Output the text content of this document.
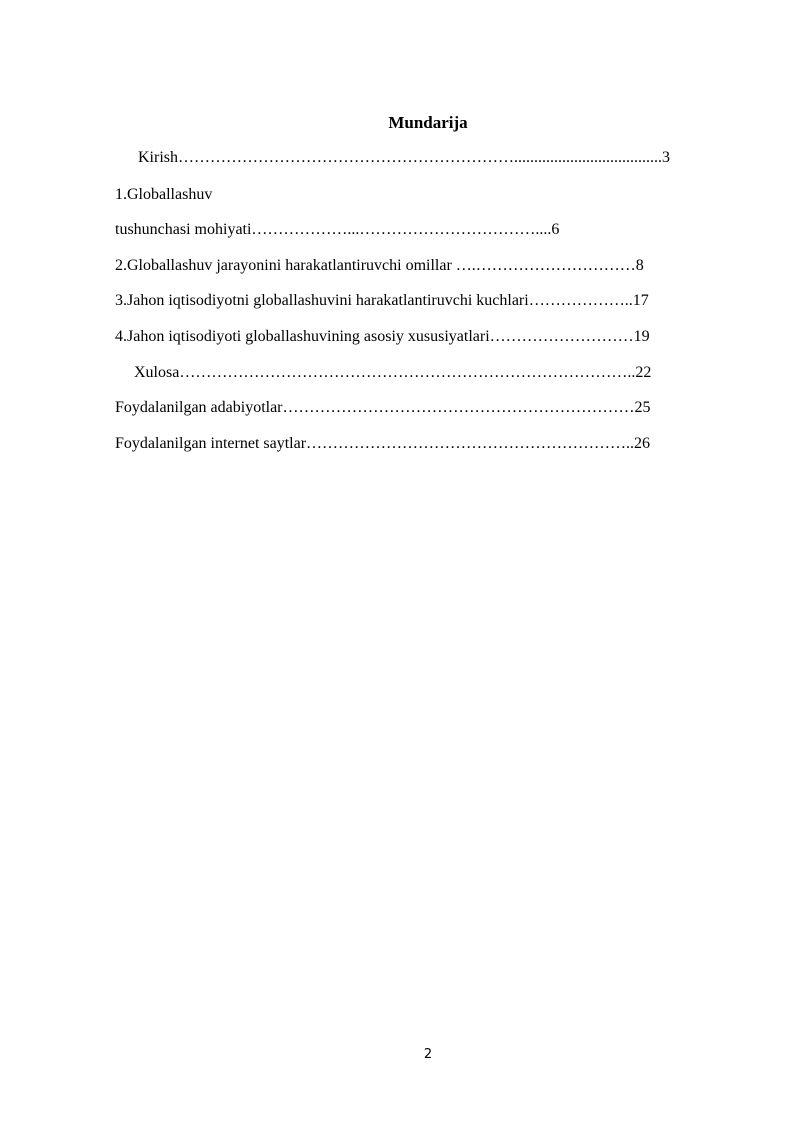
Mundarija
Kirish……………………………………………………….....................................3
1.Globallashuv
tushunchasi mohiyati………………...……………………………....6
2.Globallashuv jarayonini harakatlantiruvchi omillar ….…………………………8
3.Jahon iqtisodiyotni globallashuvini harakatlantiruvchi kuchlari………………..17
4.Jahon iqtisodiyoti globallashuvining asosiy xususiyatlari………………………19
Xulosa…………………………………………………………………………..22
Foydalanilgan adabiyotlar…………………………………………………………25
Foydalanilgan internet saytlar……………………………………………………..26
2
